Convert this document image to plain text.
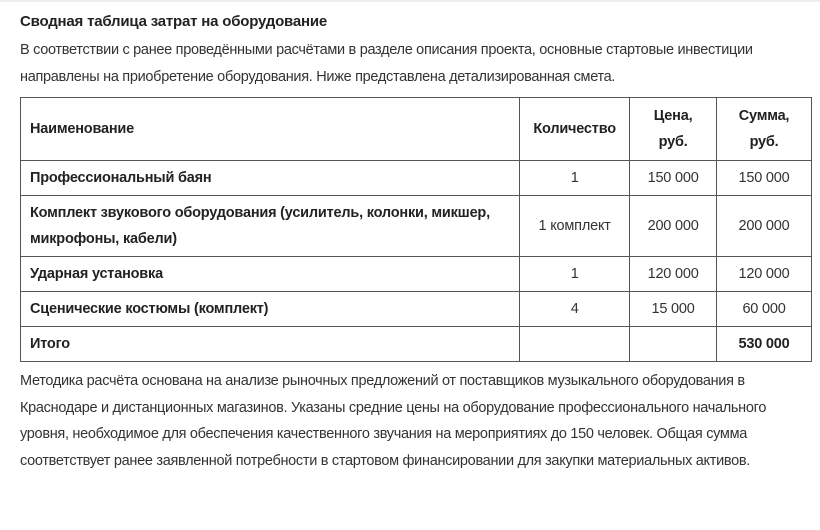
Сводная таблица затрат на оборудование

В соответствии с ранее проведёнными расчётами в разделе описания проекта, основные стартовые инвестиции направлены на приобретение оборудования. Ниже представлена детализированная смета.

Наименование	Количество	Цена, руб.	Сумма, руб.
Профессиональный баян	1	150 000	150 000
Комплект звукового оборудования (усилитель, колонки, микшер, микрофоны, кабели)	1 комплект	200 000	200 000
Ударная установка	1	120 000	120 000
Сценические костюмы (комплект)	4	15 000	60 000
Итого			530 000

Методика расчёта основана на анализе рыночных предложений от поставщиков музыкального оборудования в Краснодаре и дистанционных магазинов. Указаны средние цены на оборудование профессионального начального уровня, необходимое для обеспечения качественного звучания на мероприятиях до 150 человек. Общая сумма соответствует ранее заявленной потребности в стартовом финансировании для закупки материальных активов.
